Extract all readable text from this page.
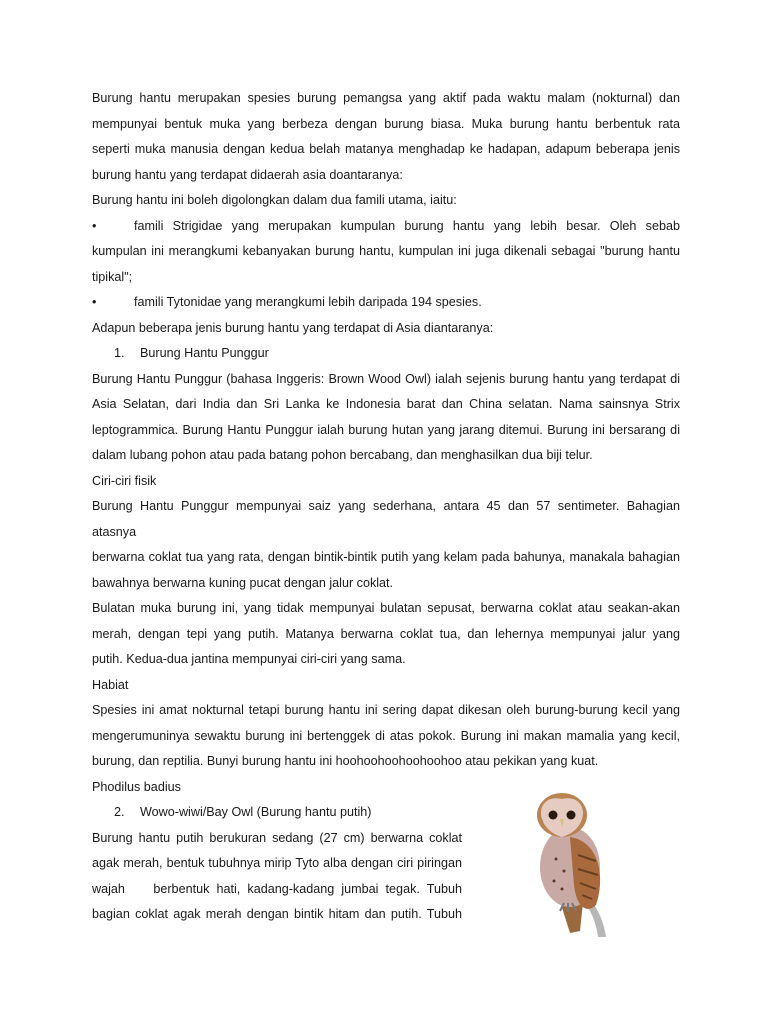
Burung hantu merupakan spesies burung pemangsa yang aktif pada waktu malam (nokturnal) dan
mempunyai bentuk muka yang berbeza dengan burung biasa. Muka burung hantu berbentuk rata
seperti muka manusia dengan kedua belah matanya menghadap ke hadapan, adapum beberapa jenis
burung hantu yang terdapat didaerah asia doantaranya:
Burung hantu ini boleh digolongkan dalam dua famili utama, iaitu:
•	famili Strigidae yang merupakan kumpulan burung hantu yang lebih besar. Oleh sebab
kumpulan ini merangkumi kebanyakan burung hantu, kumpulan ini juga dikenali sebagai "burung hantu
tipikal";
•	famili Tytonidae yang merangkumi lebih daripada 194 spesies.
Adapun beberapa jenis burung hantu yang terdapat di Asia diantaranya:
1.	Burung Hantu Punggur
Burung Hantu Punggur (bahasa Inggeris: Brown Wood Owl) ialah sejenis burung hantu yang terdapat di
Asia Selatan, dari India dan Sri Lanka ke Indonesia barat dan China selatan. Nama sainsnya Strix
leptogrammica. Burung Hantu Punggur ialah burung hutan yang jarang ditemui. Burung ini bersarang di
dalam lubang pohon atau pada batang pohon bercabang, dan menghasilkan dua biji telur.
Ciri-ciri fisik
Burung Hantu Punggur mempunyai saiz yang sederhana, antara 45 dan 57 sentimeter. Bahagian atasnya
berwarna coklat tua yang rata, dengan bintik-bintik putih yang kelam pada bahunya, manakala bahagian
bawahnya berwarna kuning pucat dengan jalur coklat.
Bulatan muka burung ini, yang tidak mempunyai bulatan sepusat, berwarna coklat atau seakan-akan
merah, dengan tepi yang putih. Matanya berwarna coklat tua, dan lehernya mempunyai jalur yang
putih. Kedua-dua jantina mempunyai ciri-ciri yang sama.
Habiat
Spesies ini amat nokturnal tetapi burung hantu ini sering dapat dikesan oleh burung-burung kecil yang
mengerumuninya sewaktu burung ini bertenggek di atas pokok. Burung ini makan mamalia yang kecil,
burung, dan reptilia. Bunyi burung hantu ini hoohoohoohoohoohoo atau pekikan yang kuat.
Phodilus badius
2.	Wowo-wiwi/Bay Owl (Burung hantu putih)
Burung hantu putih berukuran sedang (27 cm) berwarna coklat
agak merah, bentuk tubuhnya mirip Tyto alba dengan ciri piringan
wajah    berbentuk hati, kadang-kadang jumbai tegak. Tubuh
bagian coklat agak merah dengan bintik hitam dan putih. Tubuh
